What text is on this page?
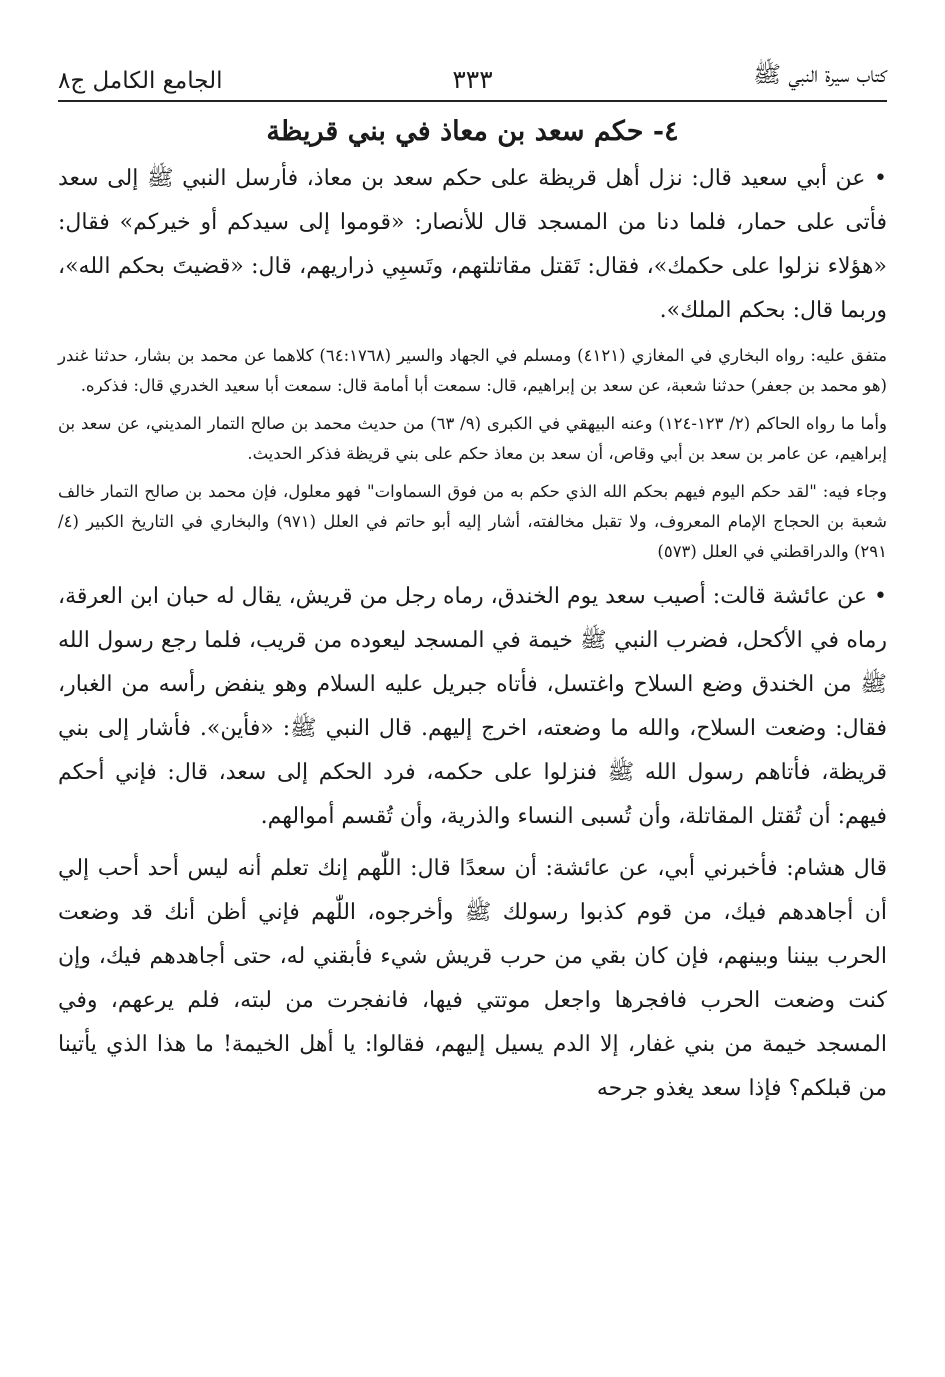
كتاب سيرة النبي ﷺ
٣٣٣
الجامع الكامل ج٨
٤- حكم سعد بن معاذ في بني قريظة

• عن أبي سعيد قال: نزل أهل قريظة على حكم سعد بن معاذ، فأرسل النبي ﷺ إلى سعد فأتى على حمار، فلما دنا من المسجد قال للأنصار: «قوموا إلى سيدكم أو خيركم» فقال: «هؤلاء نزلوا على حكمك»، فقال: تَقتل مقاتلتهم، وتَسبِي ذراريهم، قال: «قضيتَ بحكم الله»، وربما قال: بحكم الملك».

متفق عليه: رواه البخاري في المغازي (٤١٢١) ومسلم في الجهاد والسير (٦٤:١٧٦٨) كلاهما عن محمد بن بشار، حدثنا غندر (هو محمد بن جعفر) حدثنا شعبة، عن سعد بن إبراهيم، قال: سمعت أبا أمامة قال: سمعت أبا سعيد الخدري قال: فذكره.

وأما ما رواه الحاكم (٢/ ١٢٣-١٢٤) وعنه البيهقي في الكبرى (٩/ ٦٣) من حديث محمد بن صالح التمار المديني، عن سعد بن إبراهيم، عن عامر بن سعد بن أبي وقاص، أن سعد بن معاذ حكم على بني قريظة فذكر الحديث.

وجاء فيه: "لقد حكم اليوم فيهم بحكم الله الذي حكم به من فوق السماوات" فهو معلول، فإن محمد بن صالح التمار خالف شعبة بن الحجاج الإمام المعروف، ولا تقبل مخالفته، أشار إليه أبو حاتم في العلل (٩٧١) والبخاري في التاريخ الكبير (٤/ ٢٩١) والدراقطني في العلل (٥٧٣)

• عن عائشة قالت: أصيب سعد يوم الخندق، رماه رجل من قريش، يقال له حبان ابن العرقة، رماه في الأكحل، فضرب النبي ﷺ خيمة في المسجد ليعوده من قريب، فلما رجع رسول الله ﷺ من الخندق وضع السلاح واغتسل، فأتاه جبريل عليه السلام وهو ينفض رأسه من الغبار، فقال: وضعت السلاح، والله ما وضعته، اخرج إليهم. قال النبي ﷺ: «فأين». فأشار إلى بني قريظة، فأتاهم رسول الله ﷺ فنزلوا على حكمه، فرد الحكم إلى سعد، قال: فإني أحكم فيهم: أن تُقتل المقاتلة، وأن تُسبى النساء والذرية، وأن تُقسم أموالهم.

قال هشام: فأخبرني أبي، عن عائشة: أن سعدًا قال: اللّٰهم إنك تعلم أنه ليس أحد أحب إلي أن أجاهدهم فيك، من قوم كذبوا رسولك ﷺ وأخرجوه، اللّٰهم فإني أظن أنك قد وضعت الحرب بيننا وبينهم، فإن كان بقي من حرب قريش شيء فأبقني له، حتى أجاهدهم فيك، وإن كنت وضعت الحرب فافجرها واجعل موتتي فيها، فانفجرت من لبته، فلم يرعهم، وفي المسجد خيمة من بني غفار، إلا الدم يسيل إليهم، فقالوا: يا أهل الخيمة! ما هذا الذي يأتينا من قبلكم؟ فإذا سعد يغذو جرحه
